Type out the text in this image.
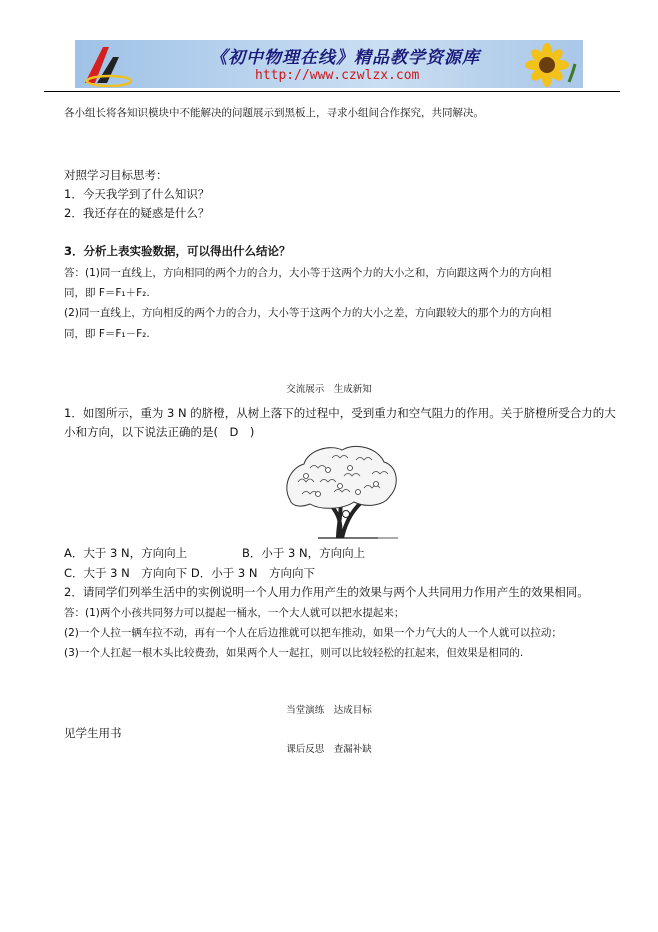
《初中物理在线》精品教学资源库
http://www.czwlzx.com
各小组长将各知识模块中不能解决的问题展示到黑板上，寻求小组间合作探究，共同解决。
对照学习目标思考：
1．今天我学到了什么知识？
2．我还存在的疑惑是什么？
3．分析上表实验数据，可以得出什么结论？
答：(1)同一直线上，方向相同的两个力的合力，大小等于这两个力的大小之和，方向跟这两个力的方向相
同，即 F＝F₁＋F₂.
(2)同一直线上，方向相反的两个力的合力，大小等于这两个力的大小之差，方向跟较大的那个力的方向相
同，即 F＝F₁－F₂.
交流展示　生成新知
1．如图所示，重为 3 N 的脐橙，从树上落下的过程中，受到重力和空气阻力的作用。关于脐橙所受合力的大
小和方向，以下说法正确的是(　D　)
A．大于 3 N，方向向上	B．小于 3 N，方向向上
C．大于 3 N　方向向下 D．小于 3 N　方向向下
2．请同学们列举生活中的实例说明一个人用力作用产生的效果与两个人共同用力作用产生的效果相同。
答：(1)两个小孩共同努力可以提起一桶水，一个大人就可以把水提起来；
(2)一个人拉一辆车拉不动，再有一个人在后边推就可以把车推动，如果一个力气大的人一个人就可以拉动；
(3)一个人扛起一根木头比较费劲，如果两个人一起扛，则可以比较轻松的扛起来，但效果是相同的.
当堂演练　达成目标
见学生用书
课后反思　查漏补缺
